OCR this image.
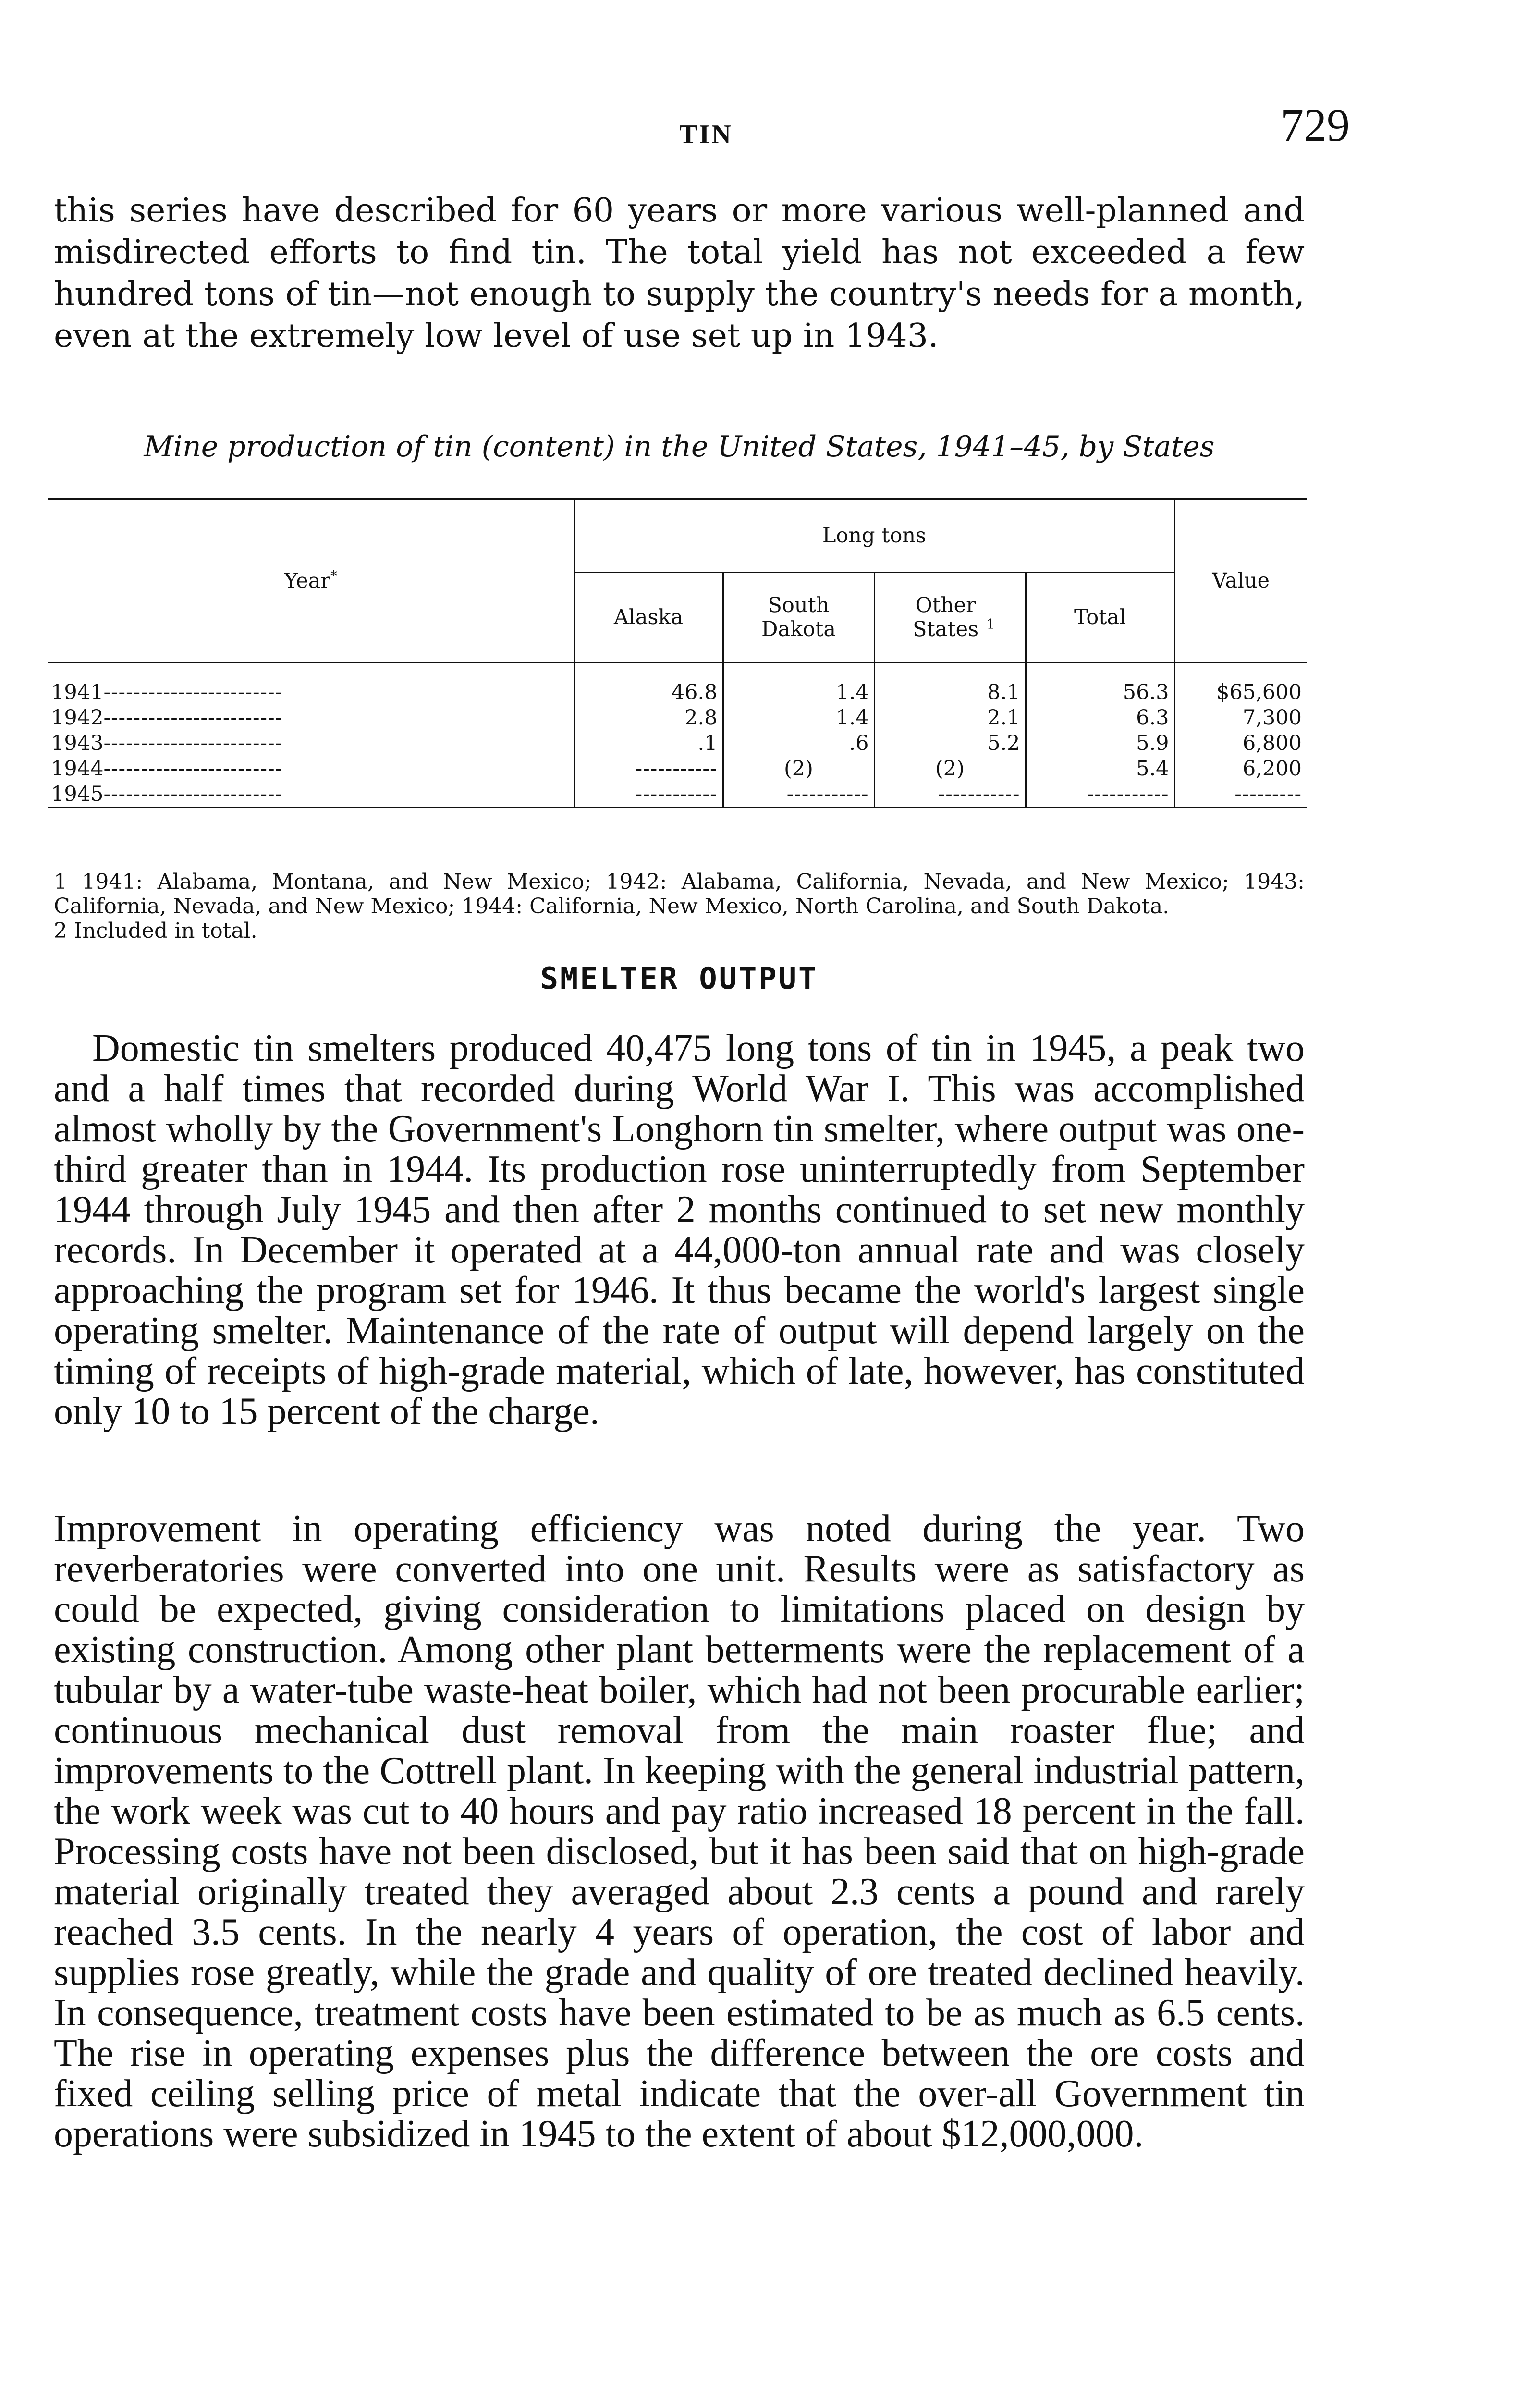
TIN	729

this series have described for 60 years or more various well-planned and misdirected efforts to find tin. The total yield has not exceeded a few hundred tons of tin—not enough to supply the country's needs for a month, even at the extremely low level of use set up in 1943.

Mine production of tin (content) in the United States, 1941–45, by States
Year*	Long tons				Value
	Alaska	South Dakota	Other States $^1$	Total	

1941------------------------	46.8	1.4	8.1	56.3	$65,600
1942------------------------	2.8	1.4	2.1	6.3	7,300
1943------------------------	.1	.6	5.2	5.9	6,800
1944------------------------	-----------	(2)	(2)	5.4	6,200
1945------------------------	-----------	-----------	-----------	-----------	---------

1 1941: Alabama, Montana, and New Mexico; 1942: Alabama, California, Nevada, and New Mexico; 1943: California, Nevada, and New Mexico; 1944: California, New Mexico, North Carolina, and South Dakota.

2 Included in total.

SMELTER OUTPUT

Domestic tin smelters produced 40,475 long tons of tin in 1945, a peak two and a half times that recorded during World War I. This was accomplished almost wholly by the Government's Longhorn tin smelter, where output was one-third greater than in 1944. Its production rose uninterruptedly from September 1944 through July 1945 and then after 2 months continued to set new monthly records. In December it operated at a 44,000-ton annual rate and was closely approaching the program set for 1946. It thus became the world's largest single operating smelter. Maintenance of the rate of output will depend largely on the timing of receipts of high-grade material, which of late, however, has constituted only 10 to 15 percent of the charge.

Improvement in operating efficiency was noted during the year. Two reverberatories were converted into one unit. Results were as satisfactory as could be expected, giving consideration to limitations placed on design by existing construction. Among other plant betterments were the replacement of a tubular by a water-tube waste-heat boiler, which had not been procurable earlier; continuous mechanical dust removal from the main roaster flue; and improvements to the Cottrell plant. In keeping with the general industrial pattern, the work week was cut to 40 hours and pay ratio increased 18 percent in the fall. Processing costs have not been disclosed, but it has been said that on high-grade material originally treated they averaged about 2.3 cents a pound and rarely reached 3.5 cents. In the nearly 4 years of operation, the cost of labor and supplies rose greatly, while the grade and quality of ore treated declined heavily. In consequence, treatment costs have been estimated to be as much as 6.5 cents. The rise in operating expenses plus the difference between the ore costs and fixed ceiling selling price of metal indicate that the over-all Government tin operations were subsidized in 1945 to the extent of about $12,000,000.
